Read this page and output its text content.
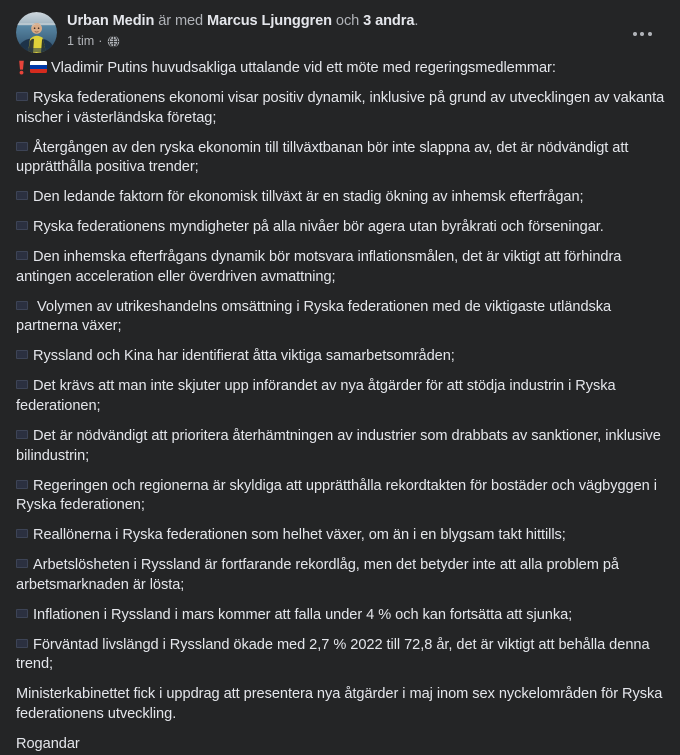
Urban Medin är med Marcus Ljunggren och 3 andra.
1 tim ·

Vladimir Putins huvudsakliga uttalande vid ett möte med regeringsmedlemmar:

Ryska federationens ekonomi visar positiv dynamik, inklusive på grund av utvecklingen av vakanta nischer i västerländska företag;

Återgången av den ryska ekonomin till tillväxtbanan bör inte slappna av, det är nödvändigt att upprätthålla positiva trender;

Den ledande faktorn för ekonomisk tillväxt är en stadig ökning av inhemsk efterfrågan;

Ryska federationens myndigheter på alla nivåer bör agera utan byråkrati och förseningar.

Den inhemska efterfrågans dynamik bör motsvara inflationsmålen, det är viktigt att förhindra antingen acceleration eller överdriven avmattning;

Volymen av utrikeshandelns omsättning i Ryska federationen med de viktigaste utländska partnerna växer;

Ryssland och Kina har identifierat åtta viktiga samarbetsområden;

Det krävs att man inte skjuter upp införandet av nya åtgärder för att stödja industrin i Ryska federationen;

Det är nödvändigt att prioritera återhämtningen av industrier som drabbats av sanktioner, inklusive bilindustrin;

Regeringen och regionerna är skyldiga att upprätthålla rekordtakten för bostäder och vägbyggen i Ryska federationen;

Reallönerna i Ryska federationen som helhet växer, om än i en blygsam takt hittills;

Arbetslösheten i Ryssland är fortfarande rekordlåg, men det betyder inte att alla problem på arbetsmarknaden är lösta;

Inflationen i Ryssland i mars kommer att falla under 4 % och kan fortsätta att sjunka;

Förväntad livslängd i Ryssland ökade med 2,7 % 2022 till 72,8 år, det är viktigt att behålla denna trend;

Ministerkabinettet fick i uppdrag att presentera nya åtgärder i maj inom sex nyckelområden för Ryska federationens utveckling.

Rogandar
